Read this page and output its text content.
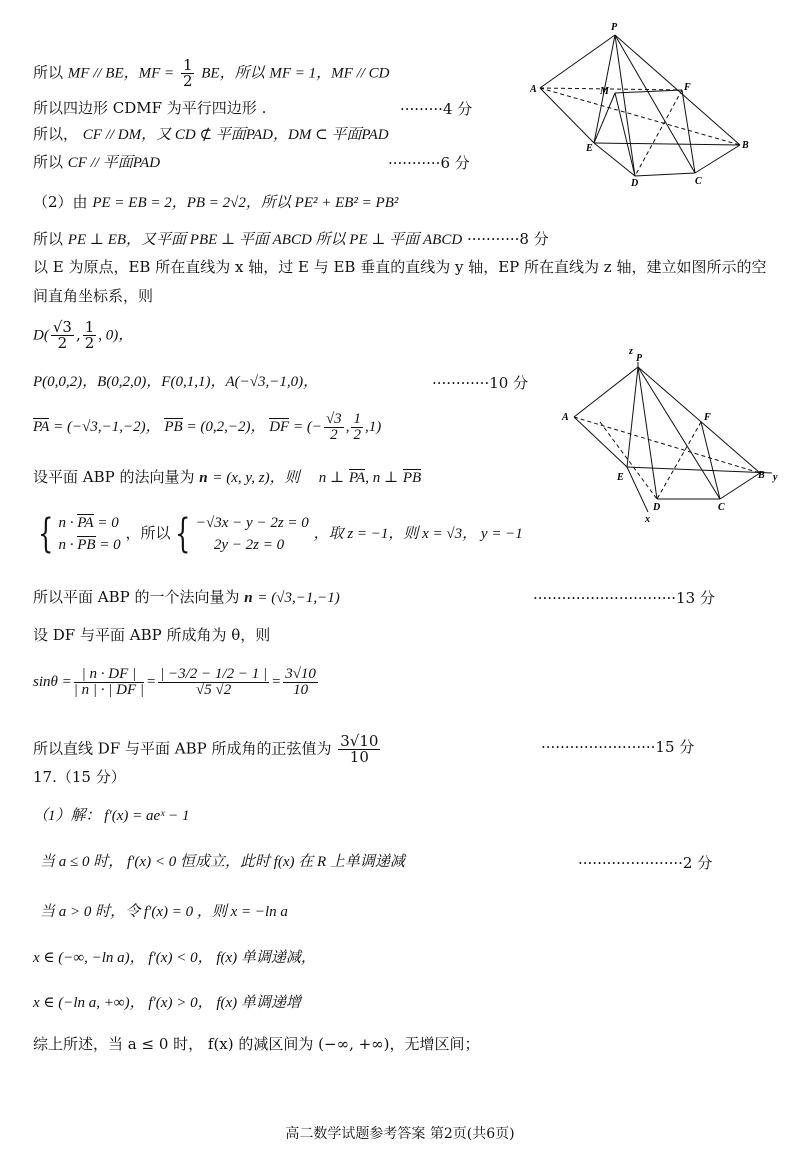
P
A	M	F
E	B
D	C
z
P
A	F
E	B y
D	C
x
所以 MF // BE，MF = $\frac{1}{2}$ BE，所以 MF = 1，MF // CD
所以四边形 CDMF 为平行四边形 .	·········4 分
所以， CF // DM，又 CD ⊄ 平面PAD，DM ⊂ 平面PAD
所以 CF // 平面PAD	···········6 分
（2）由 PE = EB = 2，PB = 2√2，所以 PE² + EB² = PB²
所以 PE ⊥ EB，又平面 PBE ⊥ 平面 ABCD 所以 PE ⊥ 平面 ABCD ···········8 分
以 E 为原点，EB 所在直线为 x 轴，过 E 与 EB 垂直的直线为 y 轴，EP 所在直线为 z 轴，建立如图所示的空
间直角坐标系，则
$D( \frac{√3}{2}$ , $\frac{1}{2}$ , 0)，
P(0,0,2)，B(0,2,0)，F(0,1,1)，A(−√3,−1,0)，	············10 分
PA = (−√3,−1,−2)， PB = (0,2,−2)， DF = (− $\frac{√3}{2}$ , $\frac{1}{2} ,1$)
设平面 ABP 的法向量为 n = (x, y, z)，则 n ⊥ PA, n ⊥ PB
{ n · PA = 0
n · PB = 0 ，所以 { −√3x − y − 2z = 0
2y − 2z = 0 ，取 z = −1，则 x = √3， y = −1
所以平面 ABP 的一个法向量为 n = (√3,−1,−1)	······························13 分
设 DF 与平面 ABP 所成角为 θ，则
$\sin\theta = \frac{| n \cdot DF |}{| n | \cdot | DF |} = \frac{| -3/2 - 1/2 - 1 |}{√5 √2} = \frac{3√10}{10}$
所以直线 DF 与平面 ABP 所成角的正弦值为 $\frac{3√10}{10}$	························15 分
17.（15 分）
（1）解： f′(x) = aeˣ − 1
当 a ≤ 0 时， f′(x) < 0 恒成立，此时 f(x) 在 R 上单调递减	······················2 分
当 a > 0 时，令 f′(x) = 0 ，则 x = −ln a
x ∈ (−∞, −ln a)， f′(x) < 0， f(x) 单调递减，
x ∈ (−ln a, +∞)， f′(x) > 0， f(x) 单调递增
综上所述，当 a ≤ 0 时， f(x) 的减区间为 (−∞, +∞)，无增区间；
高二数学试题参考答案 第2页(共6页)
